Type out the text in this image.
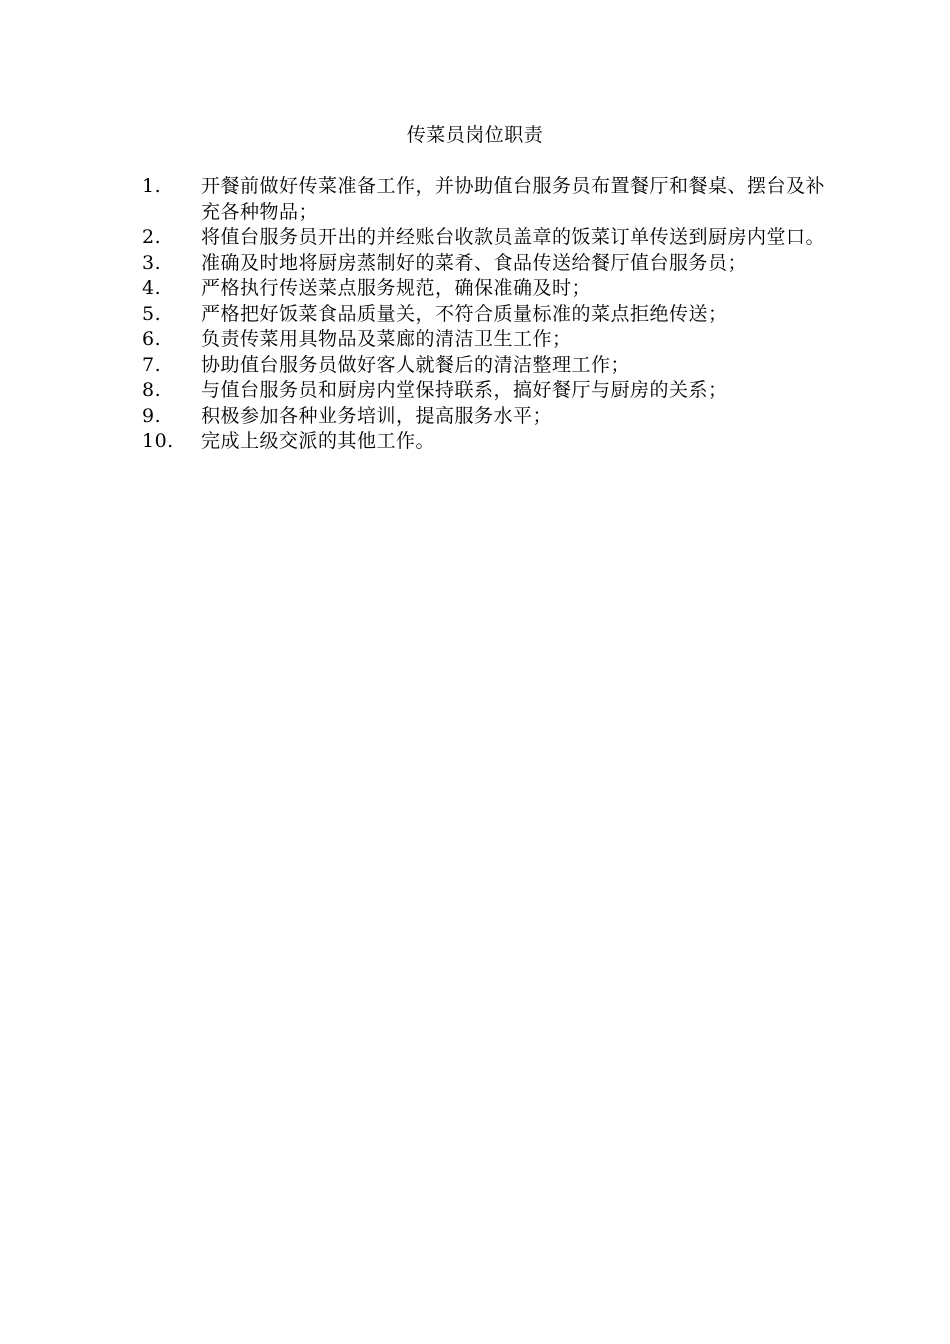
传菜员岗位职责
1.	开餐前做好传菜准备工作，并协助值台服务员布置餐厅和餐桌、摆台及补充各种物品；
2.	将值台服务员开出的并经账台收款员盖章的饭菜订单传送到厨房内堂口。
3.	准确及时地将厨房蒸制好的菜肴、食品传送给餐厅值台服务员；
4.	严格执行传送菜点服务规范，确保准确及时；
5.	严格把好饭菜食品质量关，不符合质量标准的菜点拒绝传送；
6.	负责传菜用具物品及菜廊的清洁卫生工作；
7.	协助值台服务员做好客人就餐后的清洁整理工作；
8.	与值台服务员和厨房内堂保持联系，搞好餐厅与厨房的关系；
9.	积极参加各种业务培训，提高服务水平；
10.	完成上级交派的其他工作。
